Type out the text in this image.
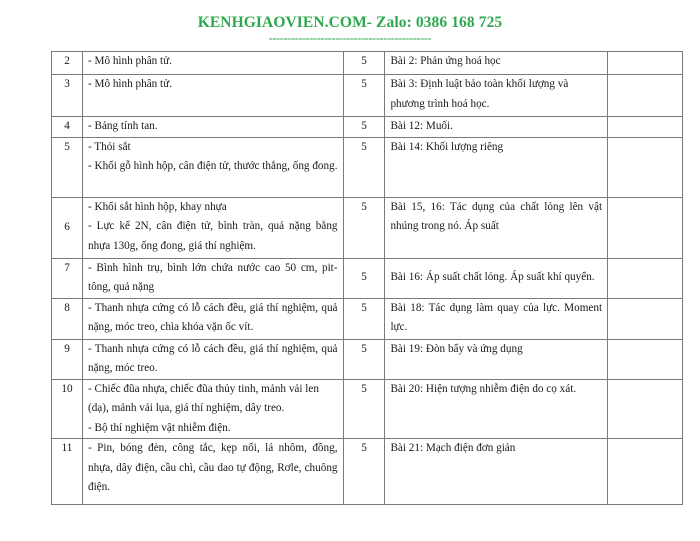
KENHGIAOVIEN.COM- Zalo: 0386 168 725
--------------------------------------------
2	- Mô hình phân tử.	5	Bài 2: Phản ứng hoá học	
3	- Mô hình phân tử.	5	Bài 3: Định luật bảo toàn khối lượng và phương trình hoá học.	
4	- Bảng tính tan.	5	Bài 12: Muối.	
5	- Thỏi sắt
- Khối gỗ hình hộp, cân điện tử, thước thẳng, ống đong.	5	Bài 14: Khối lượng riêng	
6	- Khối sắt hình hộp, khay nhựa
- Lực kế 2N, cân điện tử, bình tràn, quả nặng bằng nhựa 130g, ống đong, giá thí nghiệm.	5	Bài 15, 16: Tác dụng của chất lỏng lên vật nhúng trong nó. Áp suất	
7	- Bình hình trụ, bình lớn chứa nước cao 50 cm, pit-tông, quả nặng	5	Bài 16: Áp suất chất lỏng. Áp suất khí quyển.	
8	- Thanh nhựa cứng có lỗ cách đều, giá thí nghiệm, quả nặng, móc treo, chìa khóa vặn ốc vít.	5	Bài 18: Tác dụng làm quay của lực. Moment lực.	
9	- Thanh nhựa cứng có lỗ cách đều, giá thí nghiệm, quả nặng, móc treo.	5	Bài 19: Đòn bẩy và ứng dụng	
10	- Chiếc đũa nhựa, chiếc đũa thủy tinh, mảnh vải len (dạ), mảnh vải lụa, giá thí nghiệm, dây treo.
- Bộ thí nghiệm vật nhiễm điện.	5	Bài 20: Hiện tượng nhiễm điện do cọ xát.	
11	- Pin, bóng đèn, công tắc, kẹp nối, lá nhôm, đồng, nhựa, dây điện, cầu chì, cầu dao tự động, Rơle, chuông điện.	5	Bài 21: Mạch điện đơn giản	
